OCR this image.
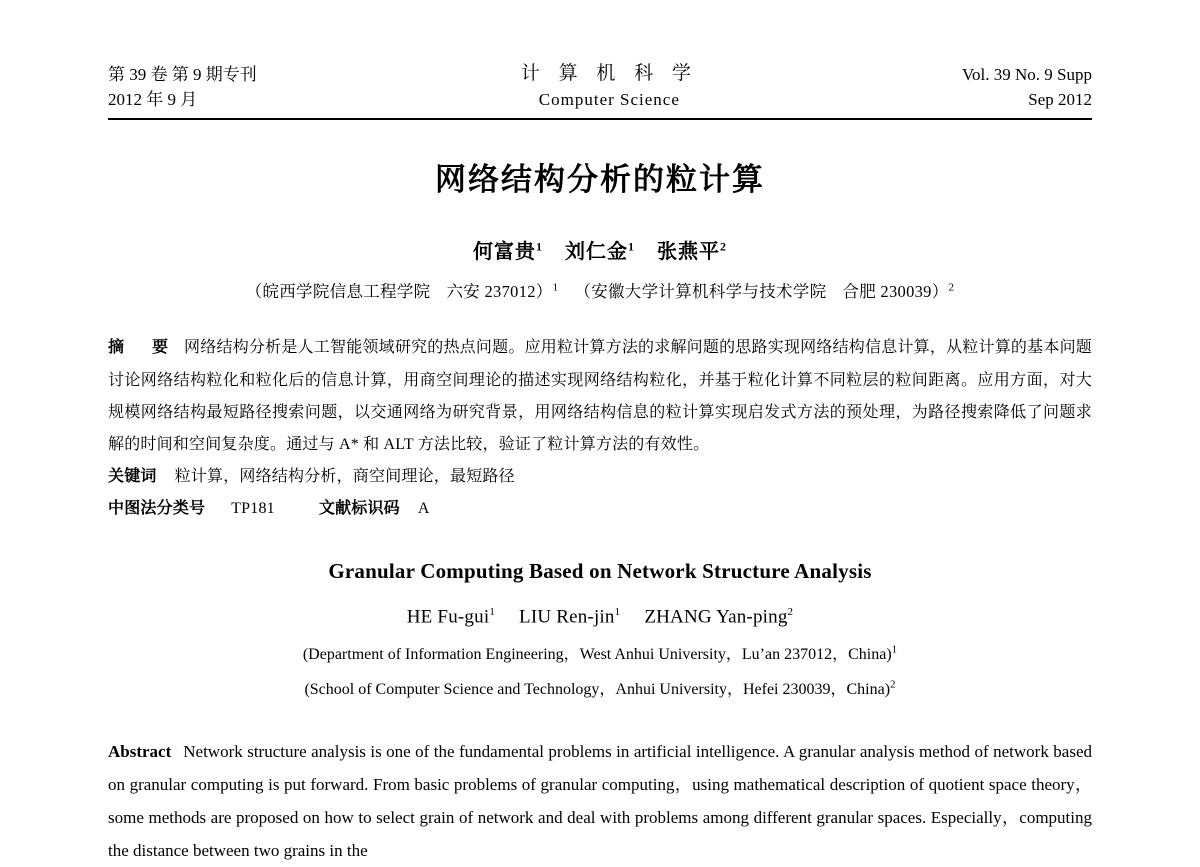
第 39 卷 第 9 期专刊
2012 年 9 月
计 算 机 科 学
Computer Science
Vol. 39 No. 9 Supp
Sep 2012
网络结构分析的粒计算
何富贵$^1$ 刘仁金$^1$ 张燕平$^2$
（皖西学院信息工程学院 六安 237012）$^1$ （安徽大学计算机科学与技术学院 合肥 230039）$^2$
摘　要 网络结构分析是人工智能领域研究的热点问题。应用粒计算方法的求解问题的思路实现网络结构信息计算，从粒计算的基本问题讨论网络结构粒化和粒化后的信息计算，用商空间理论的描述实现网络结构粒化，并基于粒化计算不同粒层的粒间距离。应用方面，对大规模网络结构最短路径搜索问题，以交通网络为研究背景，用网络结构信息的粒计算实现启发式方法的预处理，为路径搜索降低了问题求解的时间和空间复杂度。通过与 A* 和 ALT 方法比较，验证了粒计算方法的有效性。
关键词 粒计算，网络结构分析，商空间理论，最短路径
中图法分类号 TP181	文献标识码 A
Granular Computing Based on Network Structure Analysis
HE Fu-gui$^1$ LIU Ren-jin$^1$ ZHANG Yan-ping$^2$
(Department of Information Engineering，West Anhui University，Lu’an 237012，China)$^1$
(School of Computer Science and Technology，Anhui University，Hefei 230039，China)$^2$
Abstract Network structure analysis is one of the fundamental problems in artificial intelligence. A granular analysis method of network based on granular computing is put forward. From basic problems of granular computing，using mathematical description of quotient space theory，some methods are proposed on how to select grain of network and deal with problems among different granular spaces. Especially，computing the distance between two grains in the
